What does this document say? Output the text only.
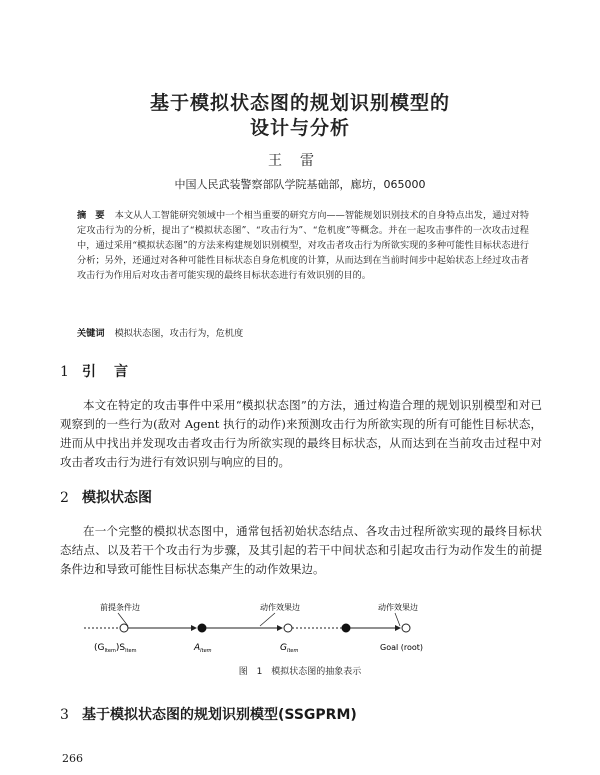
基于模拟状态图的规划识别模型的
设计与分析
王雷
中国人民武装警察部队学院基础部，廊坊，065000
摘　要 本文从人工智能研究领域中一个相当重要的研究方向——智能规划识别技术的自身特点出发，通过对特定攻击行为的分析，提出了“模拟状态图”、“攻击行为”、“危机度”等概念。并在一起攻击事件的一次攻击过程中，通过采用“模拟状态图”的方法来构建规划识别模型，对攻击者攻击行为所欲实现的多种可能性目标状态进行分析；另外，还通过对各种可能性目标状态自身危机度的计算，从而达到在当前时间步中起始状态上经过攻击者攻击行为作用后对攻击者可能实现的最终目标状态进行有效识别的目的。
关键词 模拟状态图，攻击行为，危机度
1 引言
本文在特定的攻击事件中采用“模拟状态图”的方法，通过构造合理的规划识别模型和对已观察到的一些行为(敌对 Agent 执行的动作)来预测攻击行为所欲实现的所有可能性目标状态，进而从中找出并发现攻击者攻击行为所欲实现的最终目标状态，从而达到在当前攻击过程中对攻击者攻击行为进行有效识别与响应的目的。
2 模拟状态图
在一个完整的模拟状态图中，通常包括初始状态结点、各攻击过程所欲实现的最终目标状态结点、以及若干个攻击行为步骤，及其引起的若干中间状态和引起攻击行为动作发生的前提条件边和导致可能性目标状态集产生的动作效果边。
前提条件边	动作效果边	动作效果边
$(G_{Item})S_{Item}$	$A_{Item}$	$G_{Item}$	Goal (root)
图 1　模拟状态图的抽象表示
3 基于模拟状态图的规划识别模型(SSGPRM)
266
